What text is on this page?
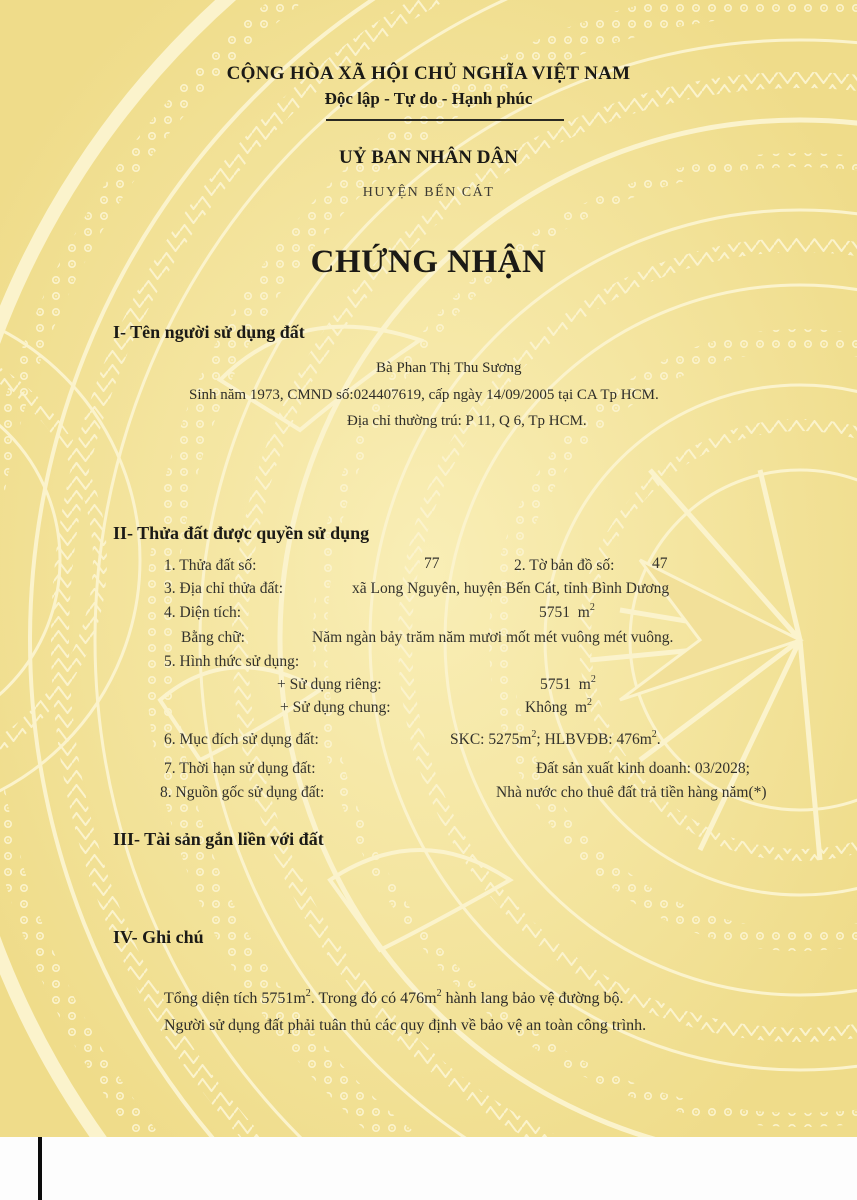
CỘNG HÒA XÃ HỘI CHỦ NGHĨA VIỆT NAM
Độc lập - Tự do - Hạnh phúc
UỶ BAN NHÂN DÂN
HUYỆN BẾN CÁT
CHỨNG NHẬN
I- Tên người sử dụng đất
Bà Phan Thị Thu Sương
Sinh năm 1973, CMND số:024407619, cấp ngày 14/09/2005 tại CA Tp HCM.
Địa chỉ thường trú: P 11, Q 6, Tp HCM.
II- Thửa đất được quyền sử dụng
1. Thửa đất số:	77	2. Tờ bản đồ số: 47
3. Địa chỉ thửa đất:	xã Long Nguyên, huyện Bến Cát, tỉnh Bình Dương
4. Diện tích:	5751 $m^2$
Bằng chữ:	Năm ngàn bảy trăm năm mươi mốt mét vuông mét vuông.
5. Hình thức sử dụng:
+ Sử dụng riêng:	5751 $m^2$
+ Sử dụng chung:	Không $m^2$
6. Mục đích sử dụng đất:	SKC: $5275m^2$; HLBVĐB: $476m^2$.
7. Thời hạn sử dụng đất:	Đất sản xuất kinh doanh: 03/2028;
8. Nguồn gốc sử dụng đất:	Nhà nước cho thuê đất trả tiền hàng năm(*)
III- Tài sản gắn liền với đất
IV- Ghi chú
Tổng diện tích $5751m^2$. Trong đó có $476m^2$ hành lang bảo vệ đường bộ.
Người sử dụng đất phải tuân thủ các quy định về bảo vệ an toàn công trình.
